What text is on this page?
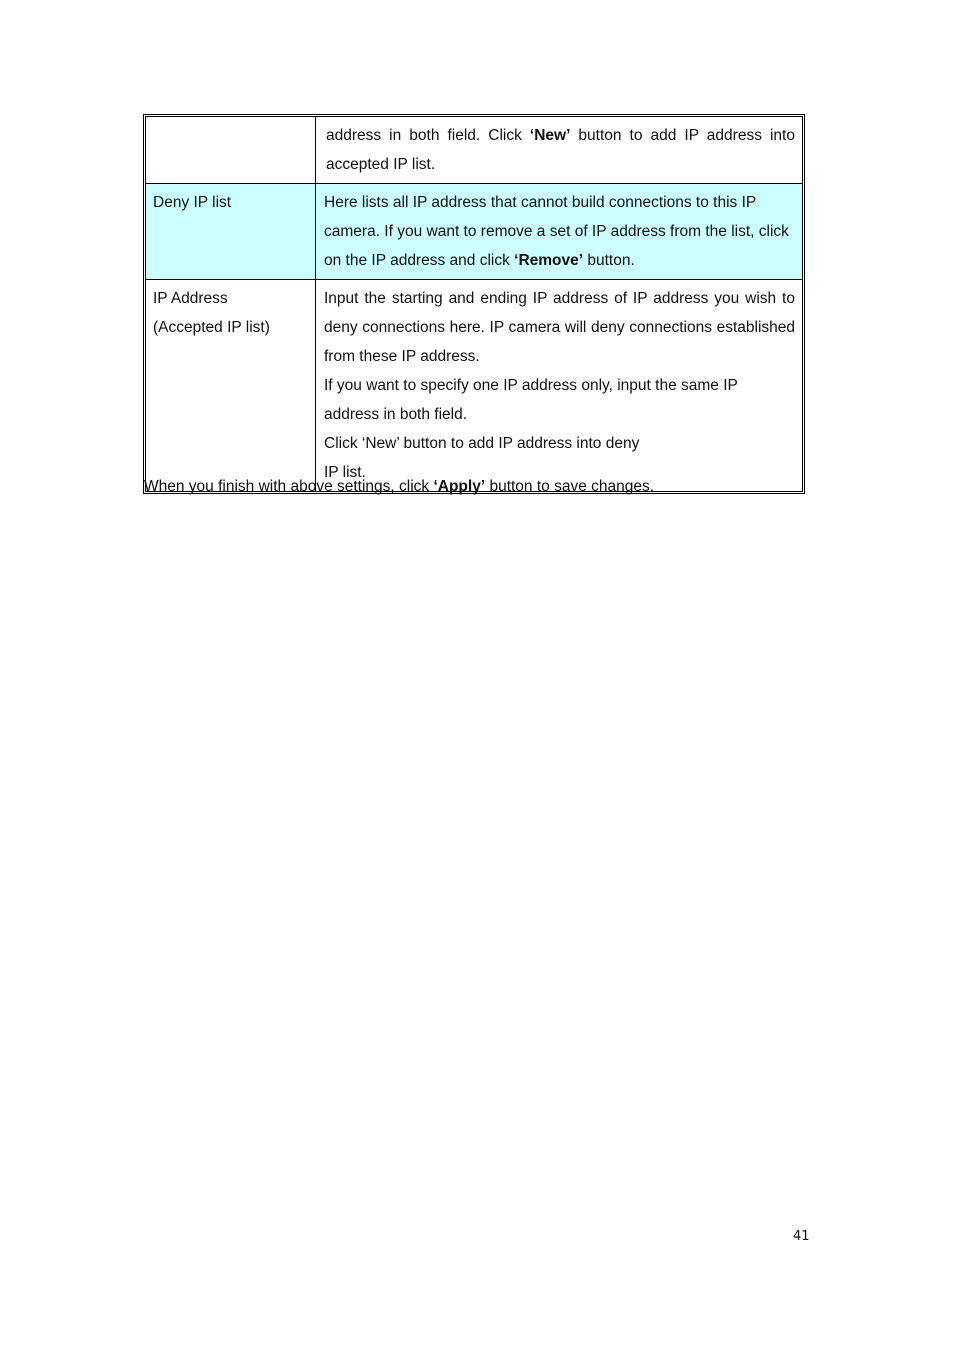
address in both field. Click ‘New’ button to add IP address into accepted IP list.

Deny IP list	Here lists all IP address that cannot build connections to this IP camera. If you want to remove a set of IP address from the list, click on the IP address and click ‘Remove’ button.

IP Address

(Accepted IP list)

Input the starting and ending IP address of IP address you wish to deny connections here. IP camera will deny connections established from these IP address.

If you want to specify one IP address only, input the same IP address in both field.

Click ‘New’ button to add IP address into deny

IP list.

When you finish with above settings, click ‘Apply’ button to save changes.

41
